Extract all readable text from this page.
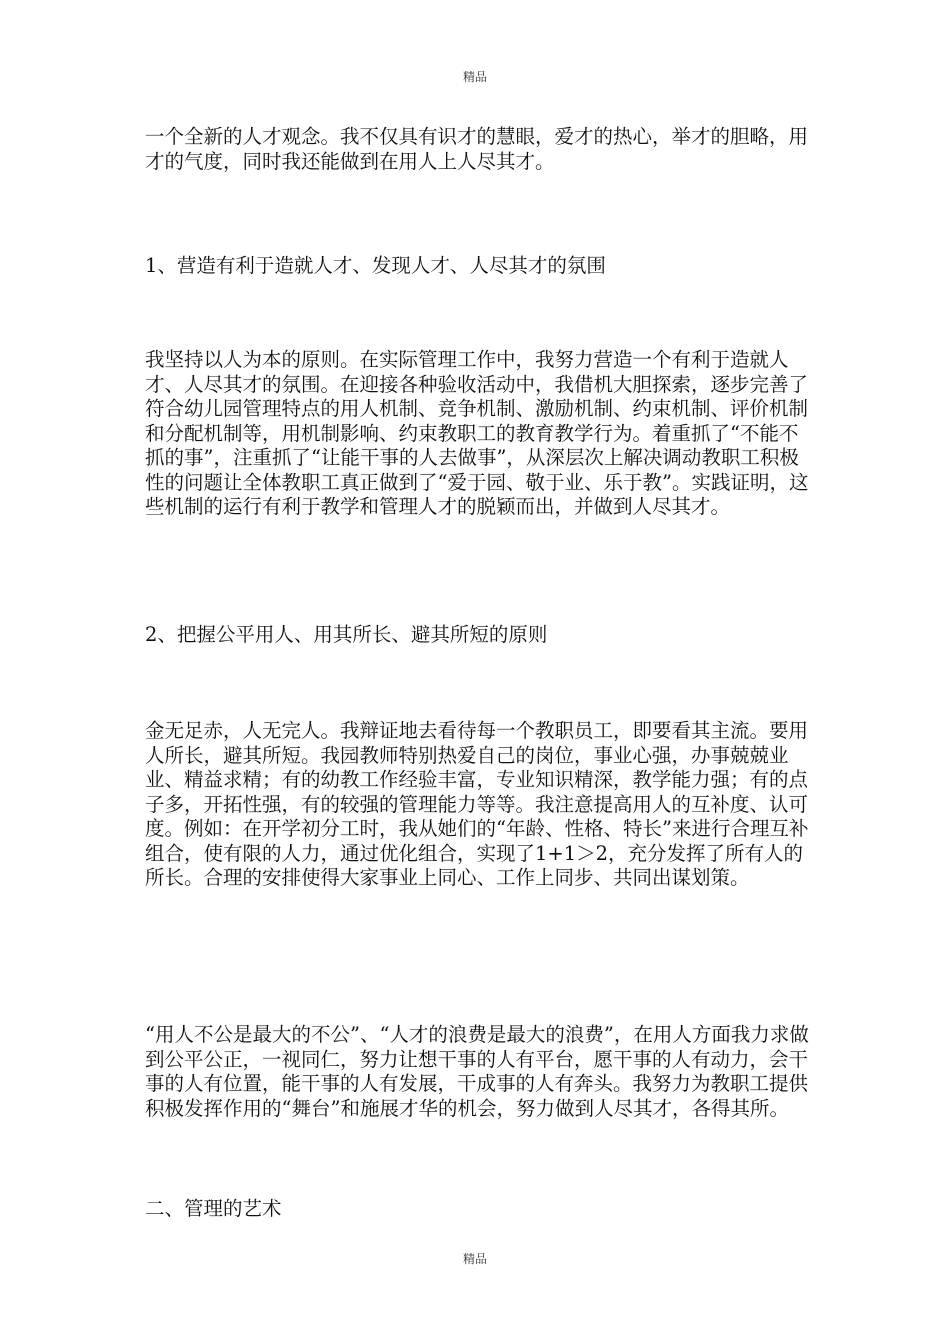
精品

一个全新的人才观念。我不仅具有识才的慧眼，爱才的热心，举才的胆略，用才的气度，同时我还能做到在用人上人尽其才。

1、营造有利于造就人才、发现人才、人尽其才的氛围

我坚持以人为本的原则。在实际管理工作中，我努力营造一个有利于造就人才、人尽其才的氛围。在迎接各种验收活动中，我借机大胆探索，逐步完善了符合幼儿园管理特点的用人机制、竞争机制、激励机制、约束机制、评价机制和分配机制等，用机制影响、约束教职工的教育教学行为。着重抓了“不能不抓的事”，注重抓了“让能干事的人去做事”，从深层次上解决调动教职工积极性的问题让全体教职工真正做到了“爱于园、敬于业、乐于教”。实践证明，这些机制的运行有利于教学和管理人才的脱颖而出，并做到人尽其才。

2、把握公平用人、用其所长、避其所短的原则

金无足赤，人无完人。我辩证地去看待每一个教职员工，即要看其主流。要用人所长，避其所短。我园教师特别热爱自己的岗位，事业心强，办事兢兢业业、精益求精；有的幼教工作经验丰富，专业知识精深，教学能力强；有的点子多，开拓性强，有的较强的管理能力等等。我注意提高用人的互补度、认可度。例如：在开学初分工时，我从她们的“年龄、性格、特长”来进行合理互补组合，使有限的人力，通过优化组合，实现了1+1＞2，充分发挥了所有人的所长。合理的安排使得大家事业上同心、工作上同步、共同出谋划策。

“用人不公是最大的不公”、“人才的浪费是最大的浪费”，在用人方面我力求做到公平公正，一视同仁，努力让想干事的人有平台，愿干事的人有动力，会干事的人有位置，能干事的人有发展，干成事的人有奔头。我努力为教职工提供积极发挥作用的“舞台”和施展才华的机会，努力做到人尽其才，各得其所。

二、管理的艺术

精品
